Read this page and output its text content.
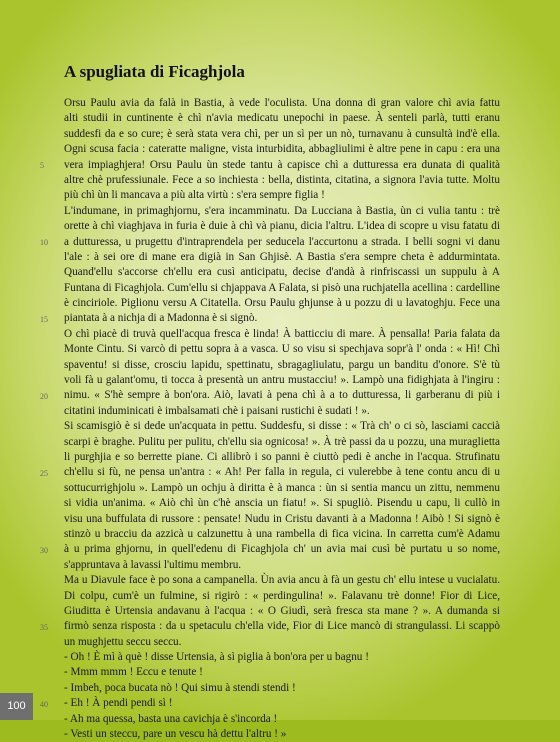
A spugliata di Ficaghjola
Orsu Paulu avia da falà in Bastia, à vede l'oculista. Una donna di gran valore chì avia fattu
alti studii in cuntinente è chì n'avia medicatu unepochi in paese. À senteli parlà, tutti eranu
suddesfi da e so cure; è serà stata vera chì, per un sì per un nò, turnavanu à cunsultà ind'è ella.
Ogni scusa facia : cateratte maligne, vista inturbidita, abbagliulimi è altre pene in capu : era una
vera impiaghjera! Orsu Paulu ùn stede tantu à capisce chì a dutturessa era dunata di qualità
altre chè prufessiunale. Fece a so inchiesta : bella, distinta, citatina, a signora l'avia tutte. Moltu
più chì ùn li mancava a più alta virtù : s'era sempre figlia !
L'indumane, in primaghjornu, s'era incamminatu. Da Lucciana à Bastia, ùn ci vulia tantu : trè
orette à chì viaghjava in furia è duie à chì và pianu, dicia l'altru. L'idea di scopre u visu fatatu di
a dutturessa, u prugettu d'intraprendela per seducela l'accurtonu a strada. I belli sogni vi danu
l'ale : à sei ore di mane era digià in San Ghjisè. A Bastia s'era sempre cheta è addurmintata.
Quand'ellu s'accorse ch'ellu era cusì anticipatu, decise d'andà à rinfriscassi un suppulu à A
Funtana di Ficaghjola. Cum'ellu si chjappava A Falata, si pisò una ruchjatella acellina : cardelline
è cinciriole. Piglionu versu A Citatella. Orsu Paulu ghjunse à u pozzu di u lavatoghju. Fece una
piantata à a nichja di a Madonna è si signò.
O chì piacè di truvà quell'acqua fresca è linda! À batticciu di mare. À pensalla! Paria falata da
Monte Cintu. Si varcò di pettu sopra à a vasca. U so visu si spechjava sopr'à l' onda : « Hì! Chì
spaventu! si disse, crosciu lapidu, spettinatu, sbragagliulatu, pargu un banditu d'onore. S'è tù
voli fà u galant'omu, ti tocca à presentà un antru mustacciu! ». Lampò una fidighjata à l'ingiru :
nimu. « S'hè sempre à bon'ora. Aiò, lavati à pena chì à a to dutturessa, li garberanu di più i
citatini induminicati è imbalsamati chè i paisani rustichi è sudati ! ».
Si scamisgiò è si dede un'acquata in pettu. Suddesfu, si disse : « Trà ch' o ci sò, lasciami caccià
scarpi è braghe. Pulitu per pulitu, ch'ellu sia ognicosa! ». À trè passi da u pozzu, una muraglietta
li purghjia e so berrette piane. Ci allibrò i so panni è ciuttò pedi è anche in l'acqua. Strufinatu
ch'ellu si fù, ne pensa un'antra : « Ah! Per falla in regula, ci vulerebbe à tene contu ancu di u
sottucurrighjolu ». Lampò un ochju à diritta è à manca : ùn si sentia mancu un zittu, nemmenu
si vidia un'anima. « Aiò chì ùn c'hè anscia un fiatu! ». Si spugliò. Pisendu u capu, li cullò in
visu una buffulata di russore : pensate! Nudu in Cristu davanti à a Madonna ! Aibò ! Si signò è
stinzò u bracciu da azzicà u calzunettu à una rambella di fica vicina. In carretta cum'è Adamu
à u prima ghjornu, in quell'edenu di Ficaghjola ch' un avia mai cusì bè purtatu u so nome,
s'appruntava à lavassi l'ultimu membru.
Ma u Diavule face è po sona a campanella. Ùn avia ancu à fà un gestu ch' ellu intese u vucialatu.
Di colpu, cum'è un fulmine, si rigirò : « perdingulina! ». Falavanu trè donne! Fior di Lice,
Giuditta è Urtensia andavanu à l'acqua : « O Giudì, serà fresca sta mane ? ». A dumanda si
firmò senza risposta : da u spetaculu ch'ella vide, Fior di Lice mancò di strangulassi. Li scappò
un mughjettu seccu seccu.
- Oh ! È mì à què ! disse Urtensia, à sì piglia à bon'ora per u bagnu !
- Mmm mmm ! Eccu e tenute !
- Imbeh, poca bucata nò ! Qui simu à stendi stendi !
- Eh ! À pendi pendi sì !
- Ah ma quessa, basta una cavichja è s'incorda !
- Vesti un steccu, pare un vescu hà dettu l'altru ! »
5
10
15
20
25
30
35
40
100
